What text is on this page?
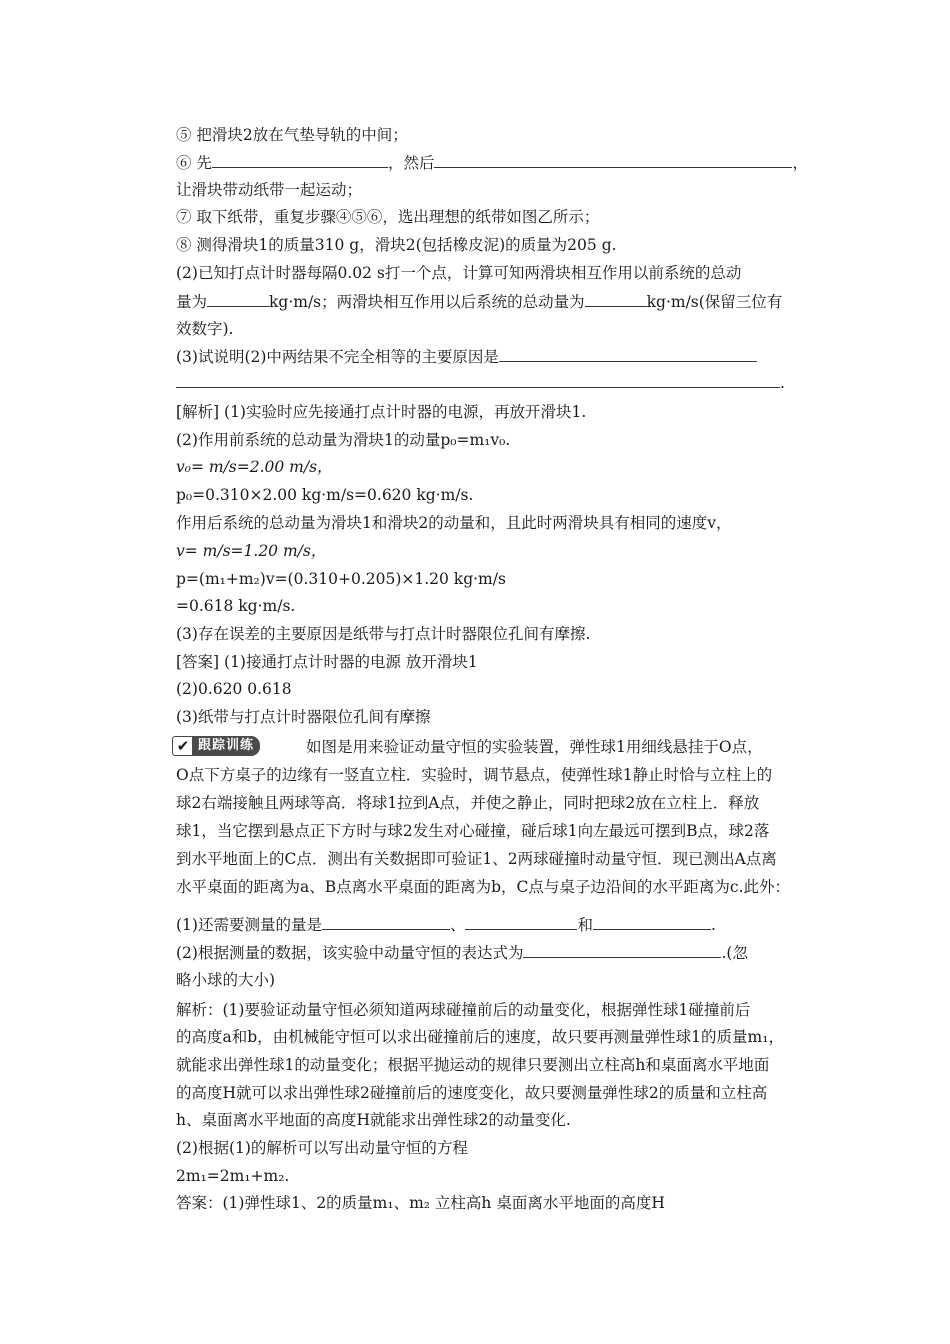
⑤ 把滑块2放在气垫导轨的中间；
⑥ 先	，然后	，
让滑块带动纸带一起运动；
⑦ 取下纸带，重复步骤④⑤⑥，选出理想的纸带如图乙所示；
⑧ 测得滑块1的质量310 g，滑块2(包括橡皮泥)的质量为205 g.
(2)已知打点计时器每隔0.02 s打一个点，计算可知两滑块相互作用以前系统的总动
量为	kg·m/s；两滑块相互作用以后系统的总动量为	kg·m/s(保留三位有
效数字).
(3)试说明(2)中两结果不完全相等的主要原因是
.
[解析] (1)实验时应先接通打点计时器的电源，再放开滑块1.
(2)作用前系统的总动量为滑块1的动量p₀=m₁v₀.
v₀= m/s=2.00 m/s，
p₀=0.310×2.00 kg·m/s=0.620 kg·m/s.
作用后系统的总动量为滑块1和滑块2的动量和，且此时两滑块具有相同的速度v，
v= m/s=1.20 m/s，
p=(m₁+m₂)v=(0.310+0.205)×1.20 kg·m/s
=0.618 kg·m/s.
(3)存在误差的主要原因是纸带与打点计时器限位孔间有摩擦.
[答案] (1)接通打点计时器的电源 放开滑块1
(2)0.620 0.618
(3)纸带与打点计时器限位孔间有摩擦
✔ 跟踪训练	如图是用来验证动量守恒的实验装置，弹性球1用细线悬挂于O点，
O点下方桌子的边缘有一竖直立柱．实验时，调节悬点，使弹性球1静止时恰与立柱上的
球2右端接触且两球等高．将球1拉到A点，并使之静止，同时把球2放在立柱上．释放
球1，当它摆到悬点正下方时与球2发生对心碰撞，碰后球1向左最远可摆到B点，球2落
到水平地面上的C点．测出有关数据即可验证1、2两球碰撞时动量守恒．现已测出A点离
水平桌面的距离为a、B点离水平桌面的距离为b，C点与桌子边沿间的水平距离为c.此外：
(1)还需要测量的量是	、	和	.
(2)根据测量的数据，该实验中动量守恒的表达式为	.(忽
略小球的大小)
解析：(1)要验证动量守恒必须知道两球碰撞前后的动量变化，根据弹性球1碰撞前后
的高度a和b，由机械能守恒可以求出碰撞前后的速度，故只要再测量弹性球1的质量m₁，
就能求出弹性球1的动量变化；根据平抛运动的规律只要测出立柱高h和桌面离水平地面
的高度H就可以求出弹性球2碰撞前后的速度变化，故只要测量弹性球2的质量和立柱高
h、桌面离水平地面的高度H就能求出弹性球2的动量变化.
(2)根据(1)的解析可以写出动量守恒的方程
2m₁=2m₁+m₂.
答案：(1)弹性球1、2的质量m₁、m₂ 立柱高h 桌面离水平地面的高度H
